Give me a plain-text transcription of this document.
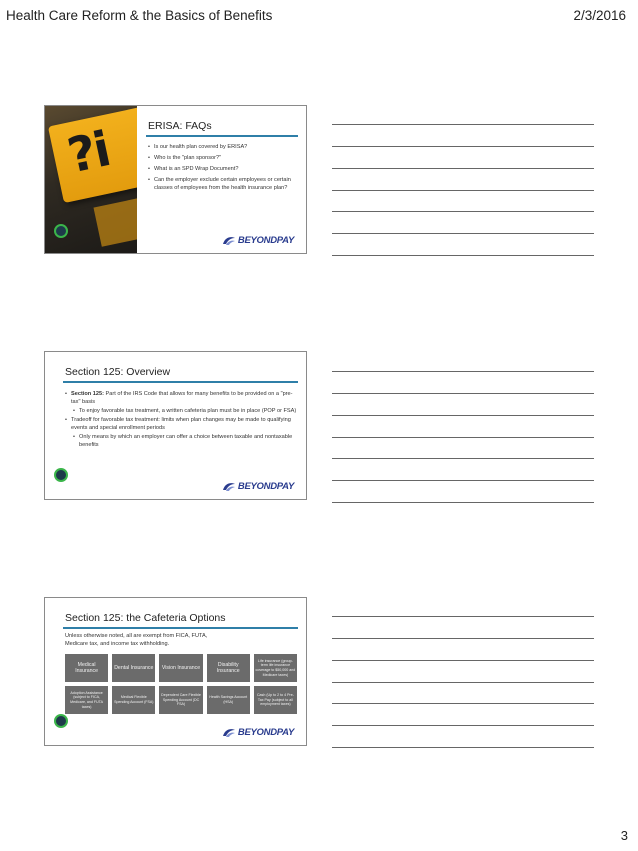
Health Care Reform & the Basics of Benefits	2/3/2016
?i	ERISA: FAQs
• Is our health plan covered by ERISA?
• Who is the "plan sponsor?"
• What is an SPD Wrap Document?
• Can the employer exclude certain employees or certain classes of employees from the health insurance plan?
BEYONDPAY
Section 125: Overview
• Section 125: Part of the IRS Code that allows for many benefits to be provided on a "pre-tax" basis
• To enjoy favorable tax treatment, a written cafeteria plan must be in place (POP or FSA)
• Tradeoff for favorable tax treatment: limits when plan changes may be made to qualifying events and special enrollment periods
• Only means by which an employer can offer a choice between taxable and nontaxable benefits
BEYONDPAY
Section 125: the Cafeteria Options
Unless otherwise noted, all are exempt from FICA, FUTA, Medicare tax, and income tax withholding.
Medical Insurance
Dental Insurance	Vision Insurance
Disability Insurance
Life insurance (group-term life insurance coverage to $50,000 and Medicare taxes)
Adoption Assistance (subject to FICA, Medicare, and FUTA taxes)
Medical Flexible Spending Account (FSA)
Dependent Care Flexible Spending Account (DC FSA)
Health Savings Account (HSA)
Cash (Up to 2 to 4 Pre-Tax Pay (subject to all employment taxes)
BEYONDPAY
3
